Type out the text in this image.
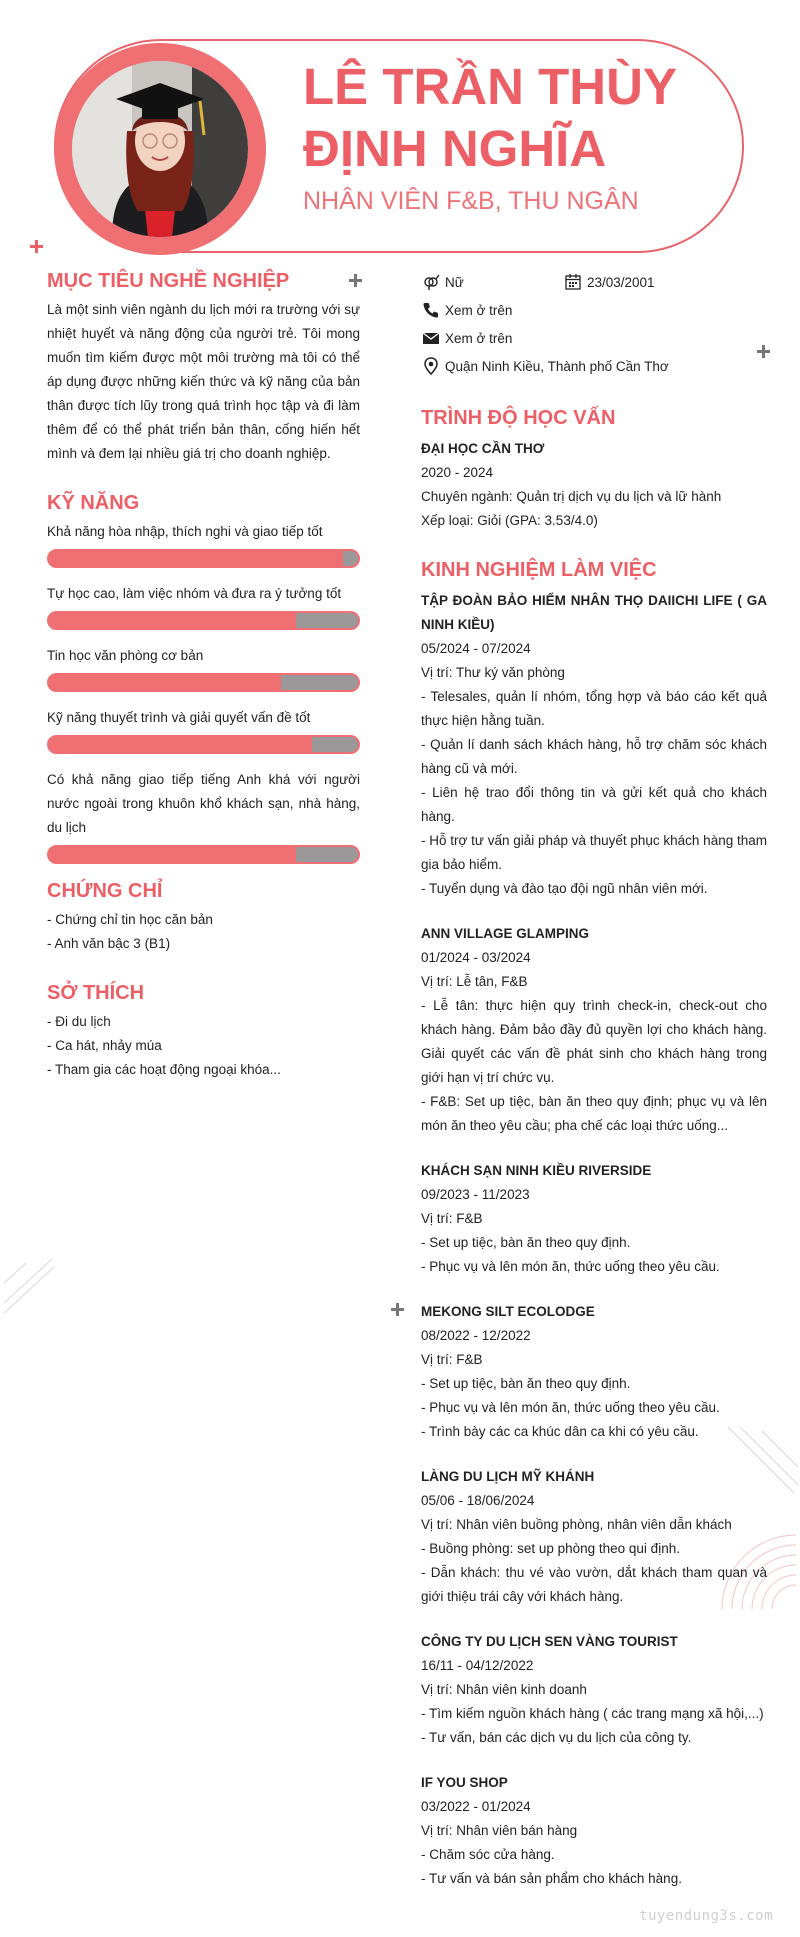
LÊ TRẦN THÙY ĐỊNH NGHĨA
NHÂN VIÊN F&B, THU NGÂN
MỤC TIÊU NGHỀ NGHIỆP
Là một sinh viên ngành du lịch mới ra trường với sự nhiệt huyết và năng động của người trẻ. Tôi mong muốn tìm kiếm được một môi trường mà tôi có thể áp dụng được những kiến thức và kỹ năng của bản thân được tích lũy trong quá trình học tập và đi làm thêm để có thể phát triển bản thân, cống hiến hết mình và đem lại nhiều giá trị cho doanh nghiệp.
KỸ NĂNG
Khả năng hòa nhập, thích nghi và giao tiếp tốt
Tự học cao, làm việc nhóm và đưa ra ý tưởng tốt
Tin học văn phòng cơ bản
Kỹ năng thuyết trình và giải quyết vấn đề tốt
Có khả năng giao tiếp tiếng Anh khá với người nước ngoài trong khuôn khổ khách sạn, nhà hàng, du lịch
CHỨNG CHỈ
- Chứng chỉ tin học căn bản
- Anh văn bậc 3 (B1)
SỞ THÍCH
- Đi du lịch
- Ca hát, nhảy múa
- Tham gia các hoạt động ngoại khóa...
Nữ	23/03/2001
Xem ở trên
Xem ở trên
Quận Ninh Kiều, Thành phố Cần Thơ
TRÌNH ĐỘ HỌC VẤN
ĐẠI HỌC CẦN THƠ
2020 - 2024
Chuyên ngành: Quản trị dịch vụ du lịch và lữ hành
Xếp loại: Giỏi (GPA: 3.53/4.0)
KINH NGHIỆM LÀM VIỆC
TẬP ĐOÀN BẢO HIỂM NHÂN THỌ DAIICHI LIFE ( GA NINH KIỀU)
05/2024 - 07/2024
Vị trí: Thư ký văn phòng
- Telesales, quản lí nhóm, tổng hợp và báo cáo kết quả thực hiện hằng tuần.
- Quản lí danh sách khách hàng, hỗ trợ chăm sóc khách hàng cũ và mới.
- Liên hệ trao đổi thông tin và gửi kết quả cho khách hàng.
- Hỗ trợ tư vấn giải pháp và thuyết phục khách hàng tham gia bảo hiểm.
- Tuyển dụng và đào tạo đội ngũ nhân viên mới.
ANN VILLAGE GLAMPING
01/2024 - 03/2024
Vị trí: Lễ tân, F&B
- Lễ tân: thực hiện quy trình check-in, check-out cho khách hàng. Đảm bảo đầy đủ quyền lợi cho khách hàng. Giải quyết các vấn đề phát sinh cho khách hàng trong giới hạn vị trí chức vụ.
- F&B: Set up tiệc, bàn ăn theo quy định; phục vụ và lên món ăn theo yêu cầu; pha chế các loại thức uống...
KHÁCH SẠN NINH KIỀU RIVERSIDE
09/2023 - 11/2023
Vị trí: F&B
- Set up tiệc, bàn ăn theo quy định.
- Phục vụ và lên món ăn, thức uống theo yêu cầu.
MEKONG SILT ECOLODGE
08/2022 - 12/2022
Vị trí: F&B
- Set up tiệc, bàn ăn theo quy định.
- Phục vụ và lên món ăn, thức uống theo yêu cầu.
- Trình bày các ca khúc dân ca khi có yêu cầu.
LÀNG DU LỊCH MỸ KHÁNH
05/06 - 18/06/2024
Vị trí: Nhân viên buồng phòng, nhân viên dẫn khách
- Buồng phòng: set up phòng theo qui định.
- Dẫn khách: thu vé vào vườn, dắt khách tham quan và giới thiệu trái cây với khách hàng.
CÔNG TY DU LỊCH SEN VÀNG TOURIST
16/11 - 04/12/2022
Vị trí: Nhân viên kinh doanh
- Tìm kiếm nguồn khách hàng ( các trang mạng xã hội,...)
- Tư vấn, bán các dịch vụ du lịch của công ty.
IF YOU SHOP
03/2022 - 01/2024
Vị trí: Nhân viên bán hàng
- Chăm sóc cửa hàng.
- Tư vấn và bán sản phẩm cho khách hàng.
tuyendung3s.com
